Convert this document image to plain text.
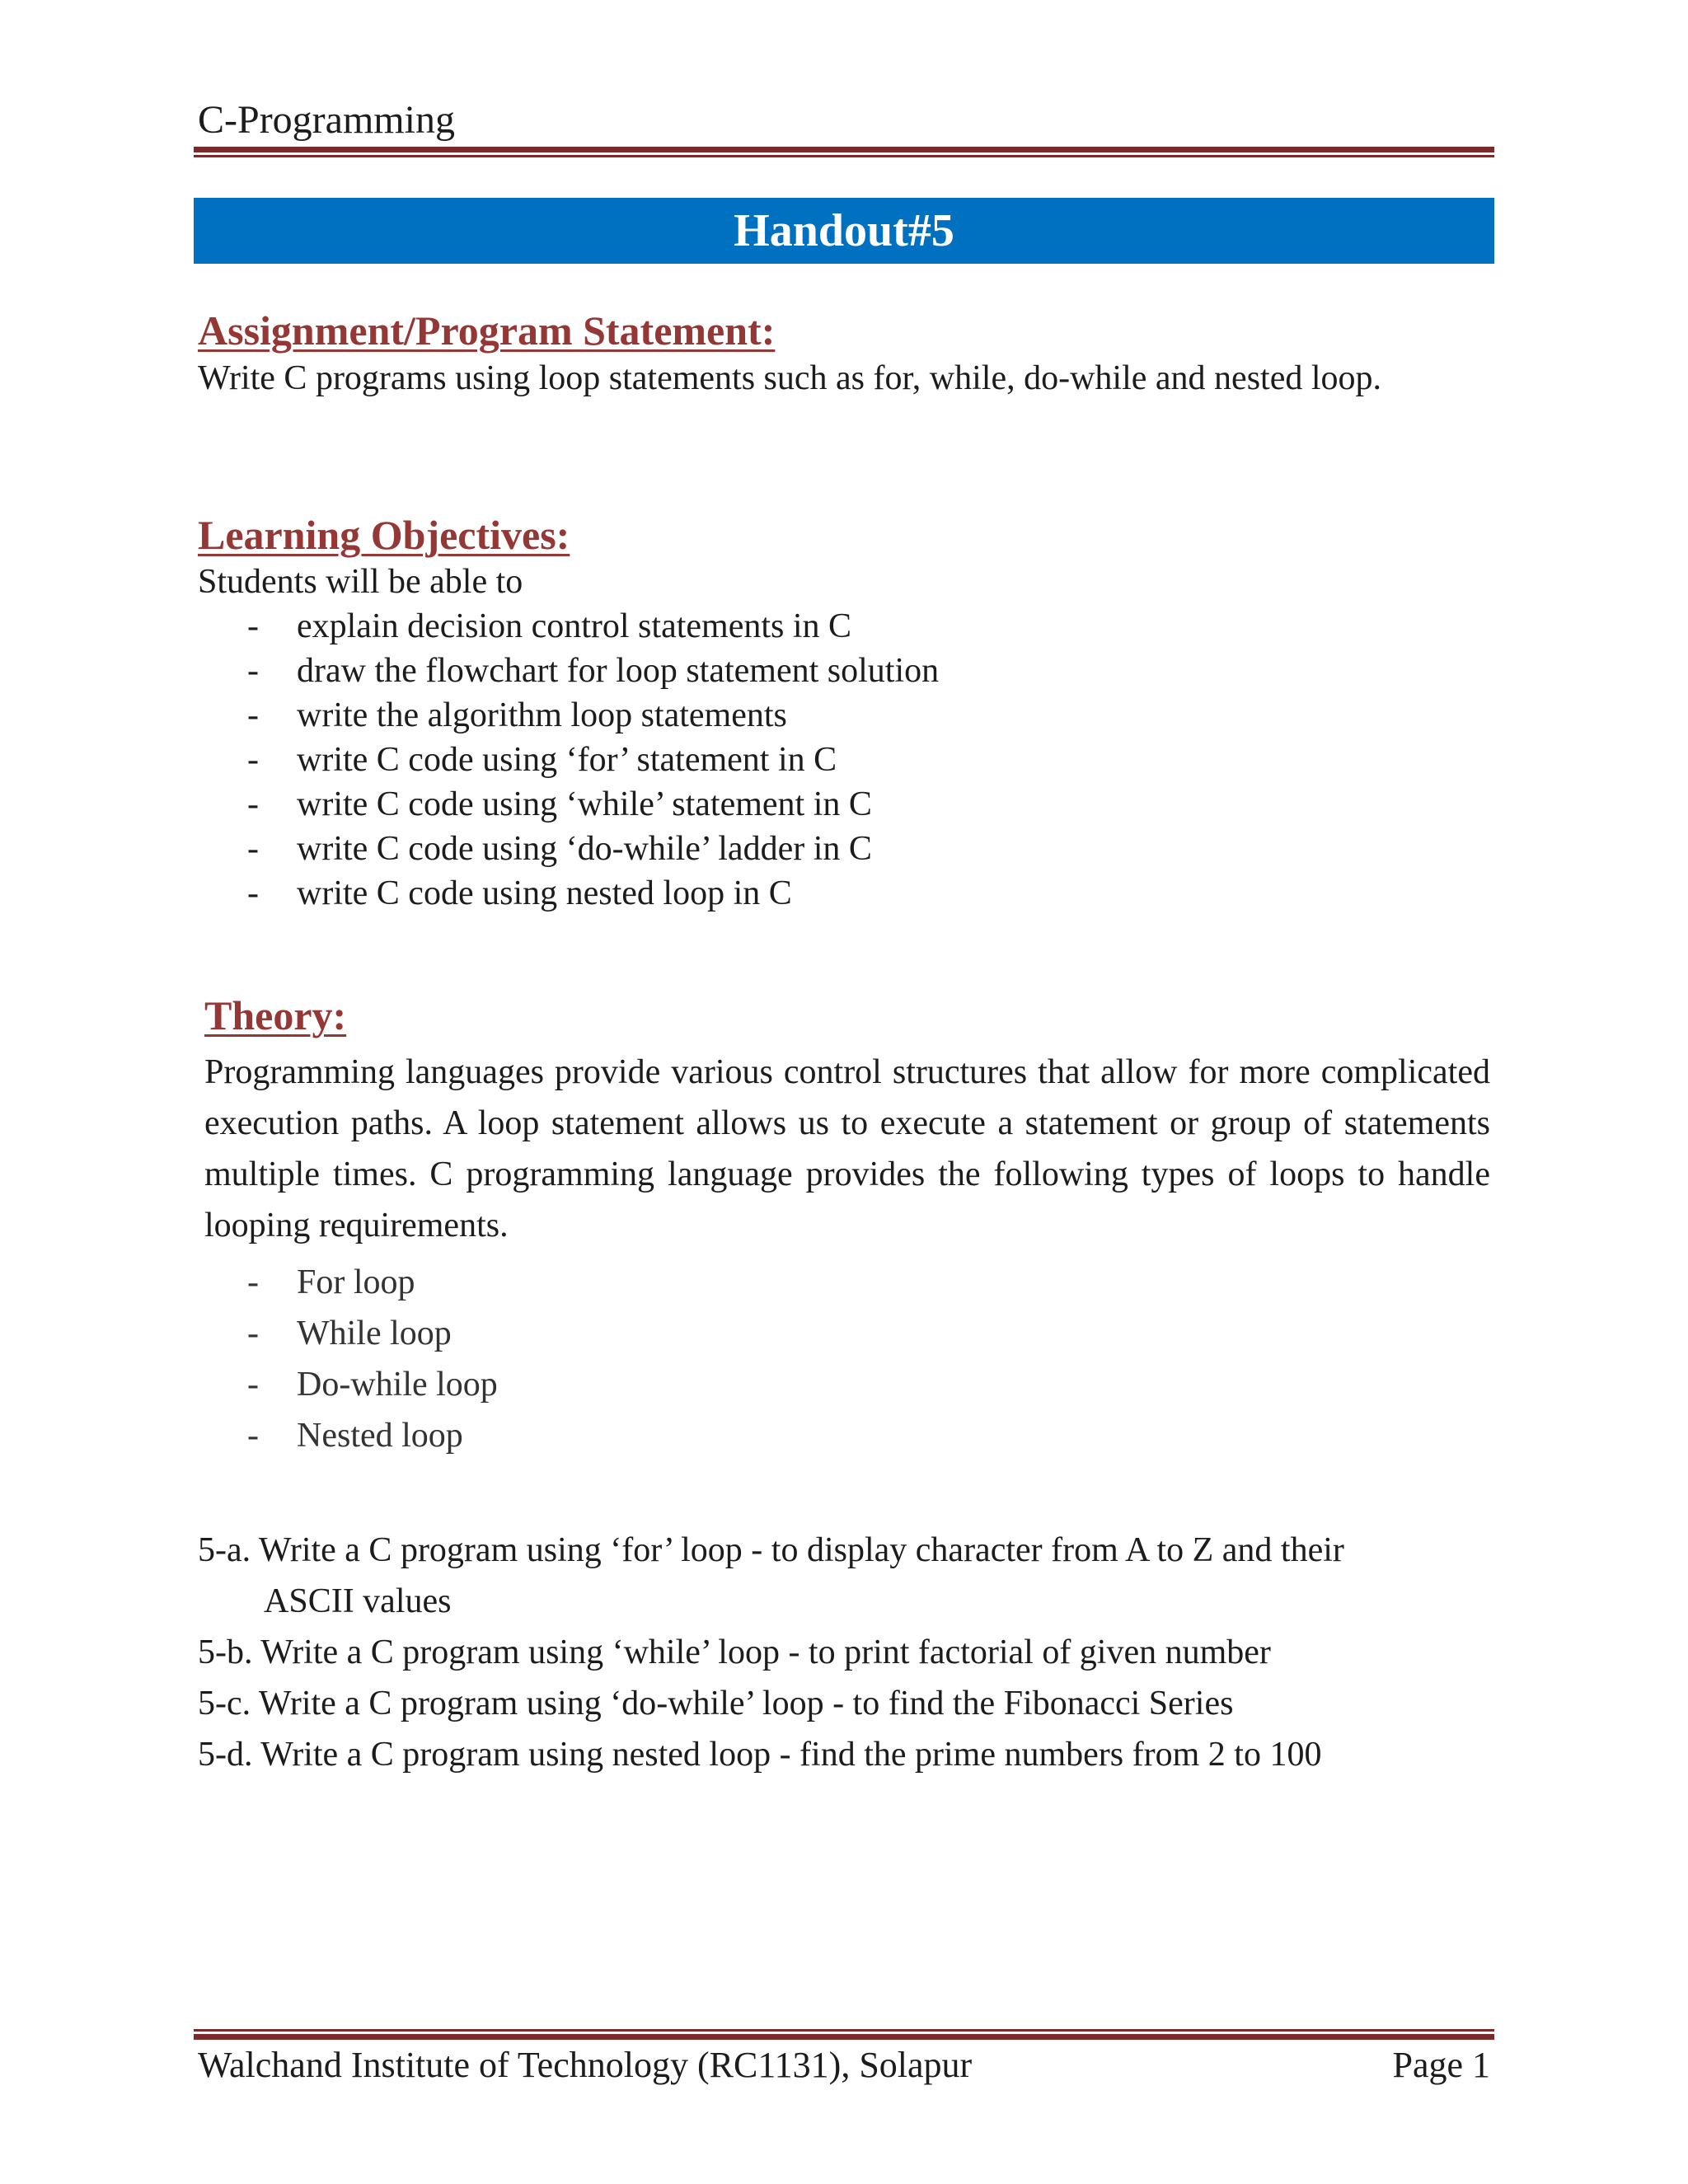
C-Programming
Handout#5
Assignment/Program Statement:
Write C programs using loop statements such as for, while, do-while and nested loop.
Learning Objectives:
Students will be able to
- explain decision control statements in C
- draw the flowchart for loop statement solution
- write the algorithm loop statements
- write C code using ‘for’ statement in C
- write C code using ‘while’ statement in C
- write C code using ‘do-while’ ladder in C
- write C code using nested loop in C
Theory:
Programming languages provide various control structures that allow for more complicated execution paths. A loop statement allows us to execute a statement or group of statements multiple times. C programming language provides the following types of loops to handle looping requirements.
- For loop
- While loop
- Do-while loop
- Nested loop
5-a. Write a C program using ‘for’ loop - to display character from A to Z and their
ASCII values
5-b. Write a C program using ‘while’ loop - to print factorial of given number
5-c. Write a C program using ‘do-while’ loop - to find the Fibonacci Series
5-d. Write a C program using nested loop - find the prime numbers from 2 to 100
Walchand Institute of Technology (RC1131), Solapur	Page 1
